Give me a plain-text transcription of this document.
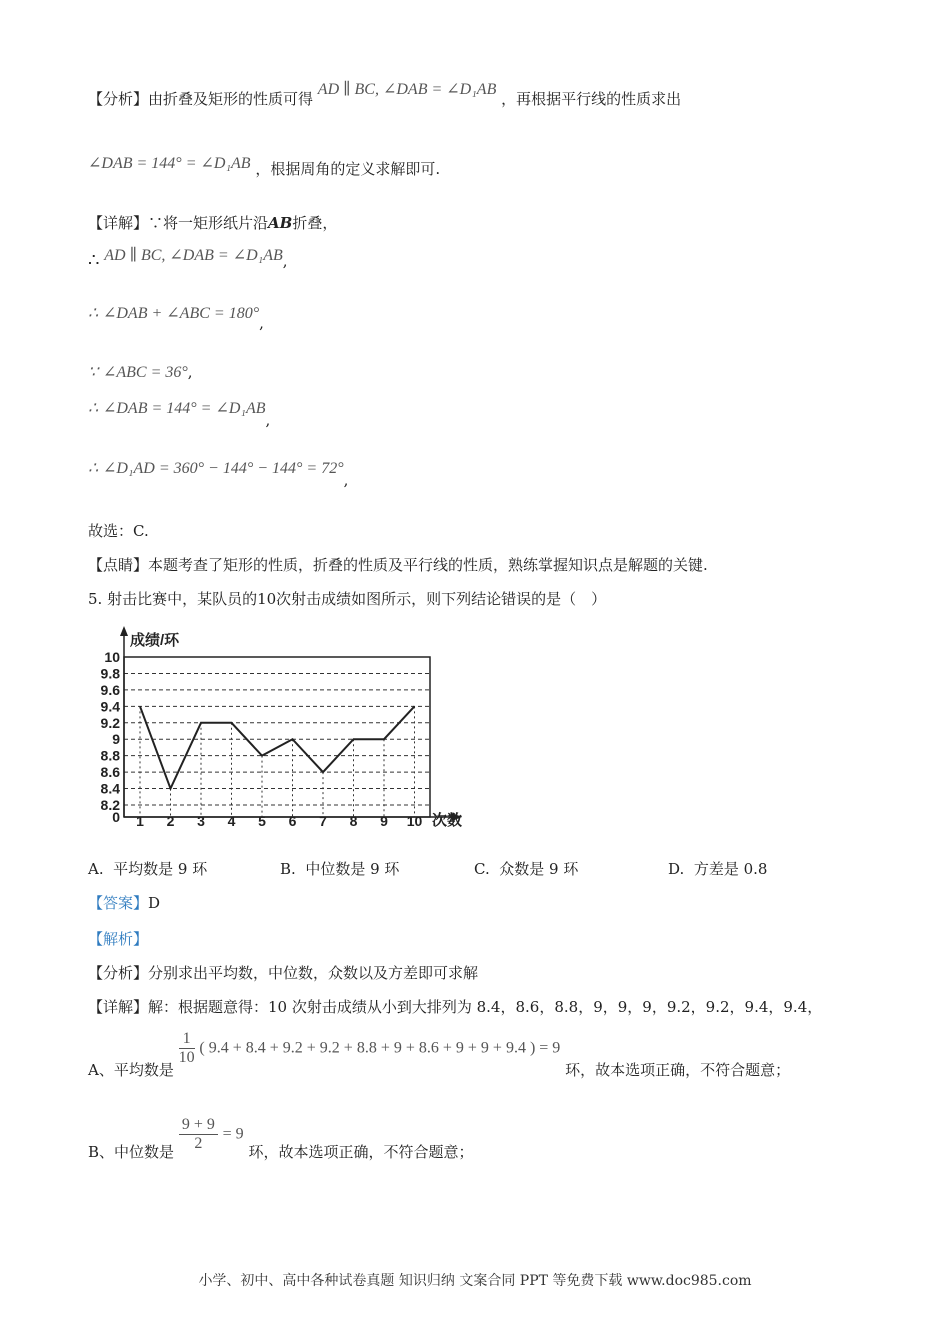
【分析】由折叠及矩形的性质可得 AD ∥ BC, ∠DAB = ∠D₁AB ，再根据平行线的性质求出
∠DAB = 144° = ∠D₁AB ，根据周角的定义求解即可.
【详解】∵将一矩形纸片沿AB折叠，
∴ AD ∥ BC, ∠DAB = ∠D₁AB,
∴ ∠DAB + ∠ABC = 180°,
∵ ∠ABC = 36°,
∴ ∠DAB = 144° = ∠D₁AB,
∴ ∠D₁AD = 360° − 144° − 144° = 72°,
故选：C.
【点睛】本题考查了矩形的性质，折叠的性质及平行线的性质，熟练掌握知识点是解题的关键.
5. 射击比赛中，某队员的10次射击成绩如图所示，则下列结论错误的是（　）
0
8.2
8.4
8.6
8.8
9
9.2
9.4
9.6
9.8
10
1 2 3 4 5 6 7 8 9 10
成绩/环
次数
A. 平均数是 9 环	B. 中位数是 9 环	C. 众数是 9 环	D. 方差是 0.8
【答案】D
【解析】
【分析】分别求出平均数，中位数，众数以及方差即可求解
【详解】解：根据题意得：10 次射击成绩从小到大排列为 8.4，8.6，8.8，9，9，9，9.2，9.2，9.4，9.4，
A、平均数是
$\frac{1}{10}$ ( 9.4 + 8.4 + 9.2 + 9.2 + 8.8 + 9 + 8.6 + 9 + 9 + 9.4 ) = 9 环，故本选项正确，不符合题意；
B、中位数是 $\frac{9 + 9}{2} = 9$ 环，故本选项正确，不符合题意；
小学、初中、高中各种试卷真题 知识归纳 文案合同 PPT 等免费下载 www.doc985.com
